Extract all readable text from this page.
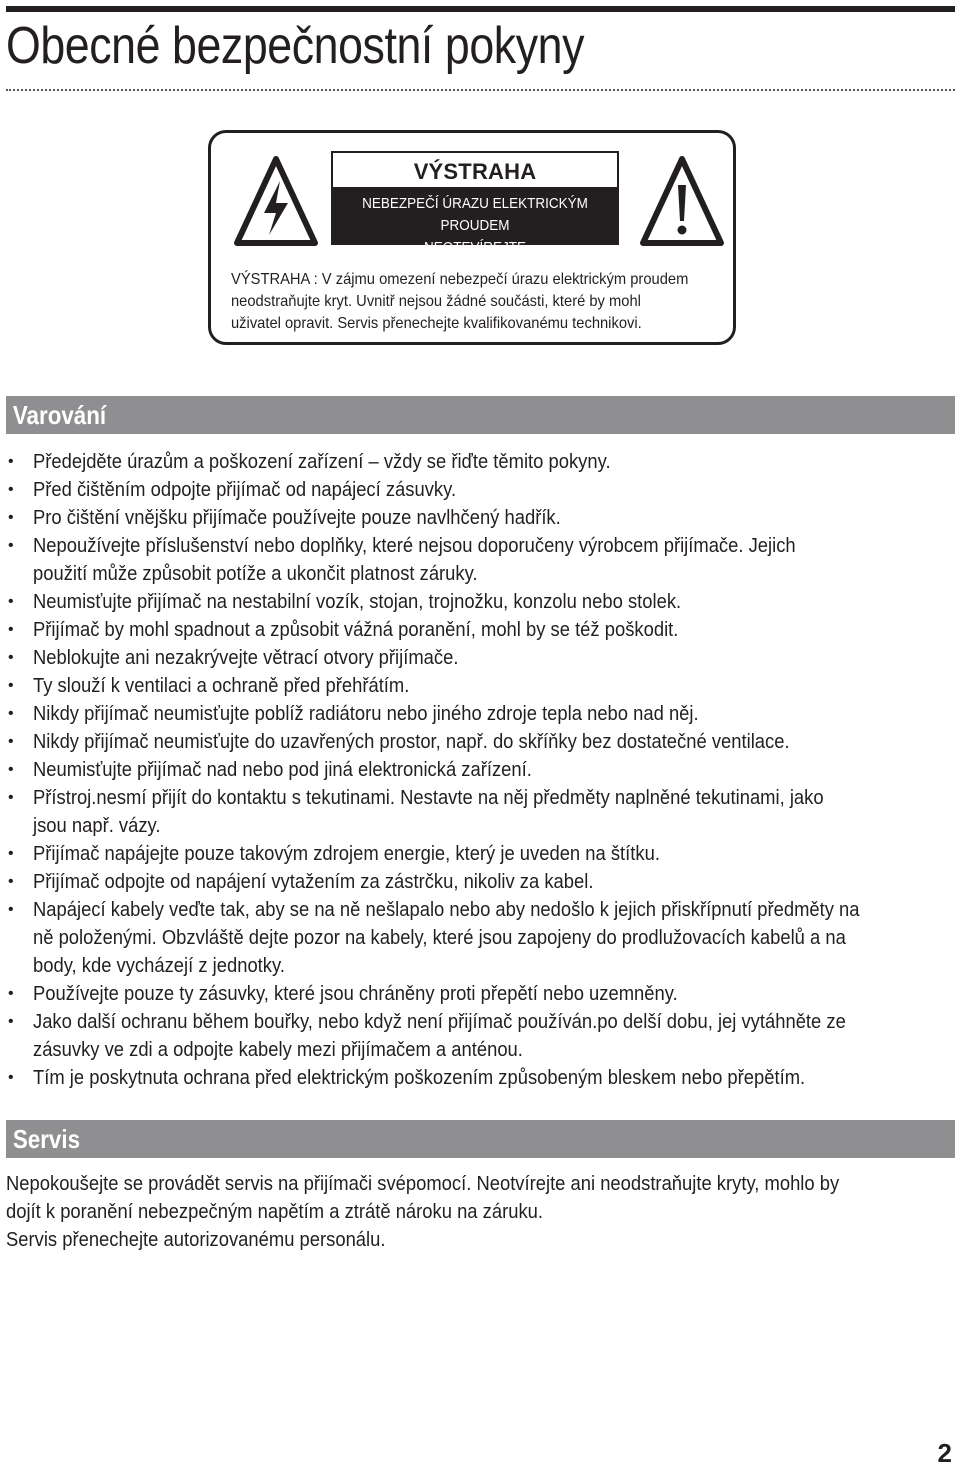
Obecné bezpečnostní pokyny
VÝSTRAHA
NEBEZPEČÍ ÚRAZU ELEKTRICKÝM PROUDEM
NEOTEVÍREJTE
VÝSTRAHA : V zájmu omezení nebezpečí úrazu elektrickým proudem
neodstraňujte kryt. Uvnitř nejsou žádné součásti, které by mohl
uživatel opravit. Servis přenechejte kvalifikovanému technikovi.
Varování
• Předejděte úrazům a poškození zařízení – vždy se řiďte těmito pokyny.
• Před čištěním odpojte přijímač od napájecí zásuvky.
• Pro čištění vnějšku přijímače používejte pouze navlhčený hadřík.
• Nepoužívejte příslušenství nebo doplňky, které nejsou doporučeny výrobcem přijímače. Jejich
použití může způsobit potíže a ukončit platnost záruky.
• Neumisťujte přijímač na nestabilní vozík, stojan, trojnožku, konzolu nebo stolek.
• Přijímač by mohl spadnout a způsobit vážná poranění, mohl by se též poškodit.
• Neblokujte ani nezakrývejte větrací otvory přijímače.
• Ty slouží k ventilaci a ochraně před přehřátím.
• Nikdy přijímač neumisťujte poblíž radiátoru nebo jiného zdroje tepla nebo nad něj.
• Nikdy přijímač neumisťujte do uzavřených prostor, např. do skříňky bez dostatečné ventilace.
• Neumisťujte přijímač nad nebo pod jiná elektronická zařízení.
• Přístroj.nesmí přijít do kontaktu s tekutinami. Nestavte na něj předměty naplněné tekutinami, jako
jsou např. vázy.
• Přijímač napájejte pouze takovým zdrojem energie, který je uveden na štítku.
• Přijímač odpojte od napájení vytažením za zástrčku, nikoliv za kabel.
• Napájecí kabely veďte tak, aby se na ně nešlapalo nebo aby nedošlo k jejich přiskřípnutí předměty na
ně položenými. Obzvláště dejte pozor na kabely, které jsou zapojeny do prodlužovacích kabelů a na
body, kde vycházejí z jednotky.
• Používejte pouze ty zásuvky, které jsou chráněny proti přepětí nebo uzemněny.
• Jako další ochranu během bouřky, nebo když není přijímač používán.po delší dobu, jej vytáhněte ze
zásuvky ve zdi a odpojte kabely mezi přijímačem a anténou.
• Tím je poskytnuta ochrana před elektrickým poškozením způsobeným bleskem nebo přepětím.
Servis
Nepokoušejte se provádět servis na přijímači svépomocí. Neotvírejte ani neodstraňujte kryty, mohlo by
dojít k poranění nebezpečným napětím a ztrátě nároku na záruku.
Servis přenechejte autorizovanému personálu.
2
